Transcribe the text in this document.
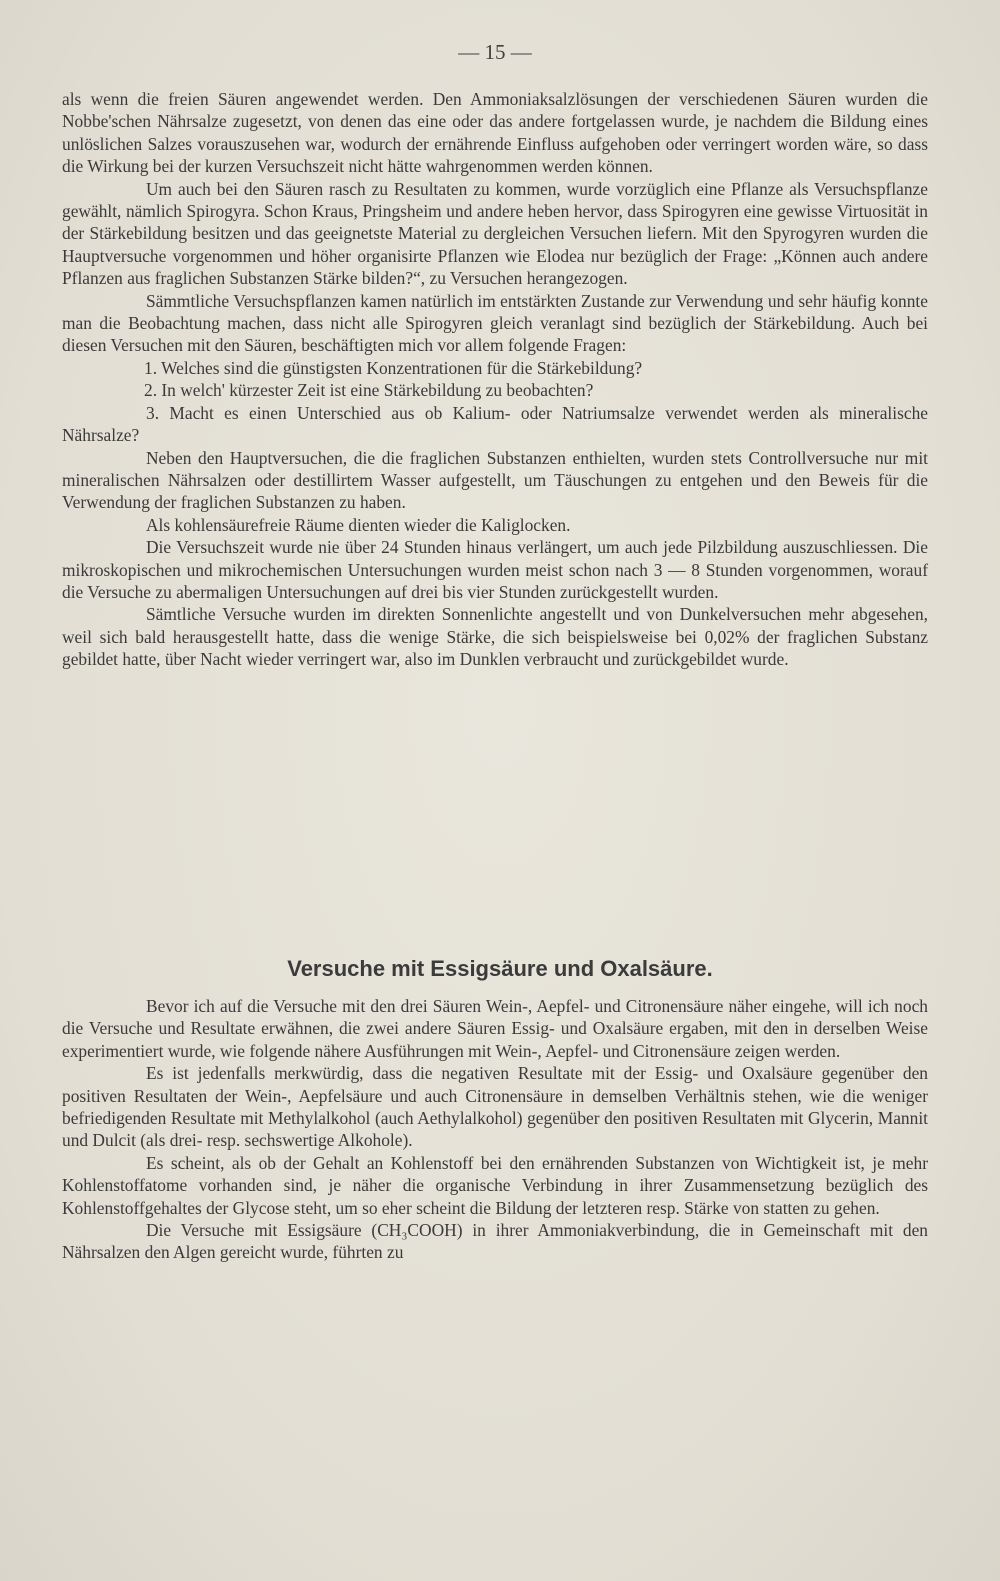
— 15 —

als wenn die freien Säuren angewendet werden. Den Ammoniaksalzlösungen der verschiedenen Säuren wurden die Nobbe'schen Nährsalze zugesetzt, von denen das eine oder das andere fortgelassen wurde, je nachdem die Bildung eines unlöslichen Salzes vorauszusehen war, wodurch der ernährende Einfluss aufgehoben oder verringert worden wäre, so dass die Wirkung bei der kurzen Versuchszeit nicht hätte wahrgenommen werden können.

Um auch bei den Säuren rasch zu Resultaten zu kommen, wurde vorzüglich eine Pflanze als Versuchspflanze gewählt, nämlich Spirogyra. Schon Kraus, Pringsheim und andere heben hervor, dass Spirogyren eine gewisse Virtuosität in der Stärkebildung besitzen und das geeignetste Material zu dergleichen Versuchen liefern. Mit den Spyrogyren wurden die Hauptversuche vorgenommen und höher organisirte Pflanzen wie Elodea nur bezüglich der Frage: „Können auch andere Pflanzen aus fraglichen Substanzen Stärke bilden?“, zu Versuchen herangezogen.

Sämmtliche Versuchspflanzen kamen natürlich im entstärkten Zustande zur Verwendung und sehr häufig konnte man die Beobachtung machen, dass nicht alle Spirogyren gleich veranlagt sind bezüglich der Stärkebildung. Auch bei diesen Versuchen mit den Säuren, beschäftigten mich vor allem folgende Fragen:

1. Welches sind die günstigsten Konzentrationen für die Stärkebildung?

2. In welch' kürzester Zeit ist eine Stärkebildung zu beobachten?

3. Macht es einen Unterschied aus ob Kalium- oder Natriumsalze verwendet werden als mineralische Nährsalze?

Neben den Hauptversuchen, die die fraglichen Substanzen enthielten, wurden stets Controllversuche nur mit mineralischen Nährsalzen oder destillirtem Wasser aufgestellt, um Täuschungen zu entgehen und den Beweis für die Verwendung der fraglichen Substanzen zu haben.

Als kohlensäurefreie Räume dienten wieder die Kaliglocken.

Die Versuchszeit wurde nie über 24 Stunden hinaus verlängert, um auch jede Pilzbildung auszuschliessen. Die mikroskopischen und mikrochemischen Untersuchungen wurden meist schon nach 3 — 8 Stunden vorgenommen, worauf die Versuche zu abermaligen Untersuchungen auf drei bis vier Stunden zurückgestellt wurden.

Sämtliche Versuche wurden im direkten Sonnenlichte angestellt und von Dunkelversuchen mehr abgesehen, weil sich bald herausgestellt hatte, dass die wenige Stärke, die sich beispielsweise bei 0,02% der fraglichen Substanz gebildet hatte, über Nacht wieder verringert war, also im Dunklen verbraucht und zurückgebildet wurde.

Versuche mit Essigsäure und Oxalsäure.

Bevor ich auf die Versuche mit den drei Säuren Wein-, Aepfel- und Citronensäure näher eingehe, will ich noch die Versuche und Resultate erwähnen, die zwei andere Säuren Essig- und Oxalsäure ergaben, mit den in derselben Weise experimentiert wurde, wie folgende nähere Ausführungen mit Wein-, Aepfel- und Citronensäure zeigen werden.

Es ist jedenfalls merkwürdig, dass die negativen Resultate mit der Essig- und Oxalsäure gegenüber den positiven Resultaten der Wein-, Aepfelsäure und auch Citronensäure in demselben Verhältnis stehen, wie die weniger befriedigenden Resultate mit Methylalkohol (auch Aethylalkohol) gegenüber den positiven Resultaten mit Glycerin, Mannit und Dulcit (als drei- resp. sechswertige Alkohole).

Es scheint, als ob der Gehalt an Kohlenstoff bei den ernährenden Substanzen von Wichtigkeit ist, je mehr Kohlenstoffatome vorhanden sind, je näher die organische Verbindung in ihrer Zusammensetzung bezüglich des Kohlenstoffgehaltes der Glycose steht, um so eher scheint die Bildung der letzteren resp. Stärke von statten zu gehen.

Die Versuche mit Essigsäure (CH₃COOH) in ihrer Ammoniakverbindung, die in Gemeinschaft mit den Nährsalzen den Algen gereicht wurde, führten zu
